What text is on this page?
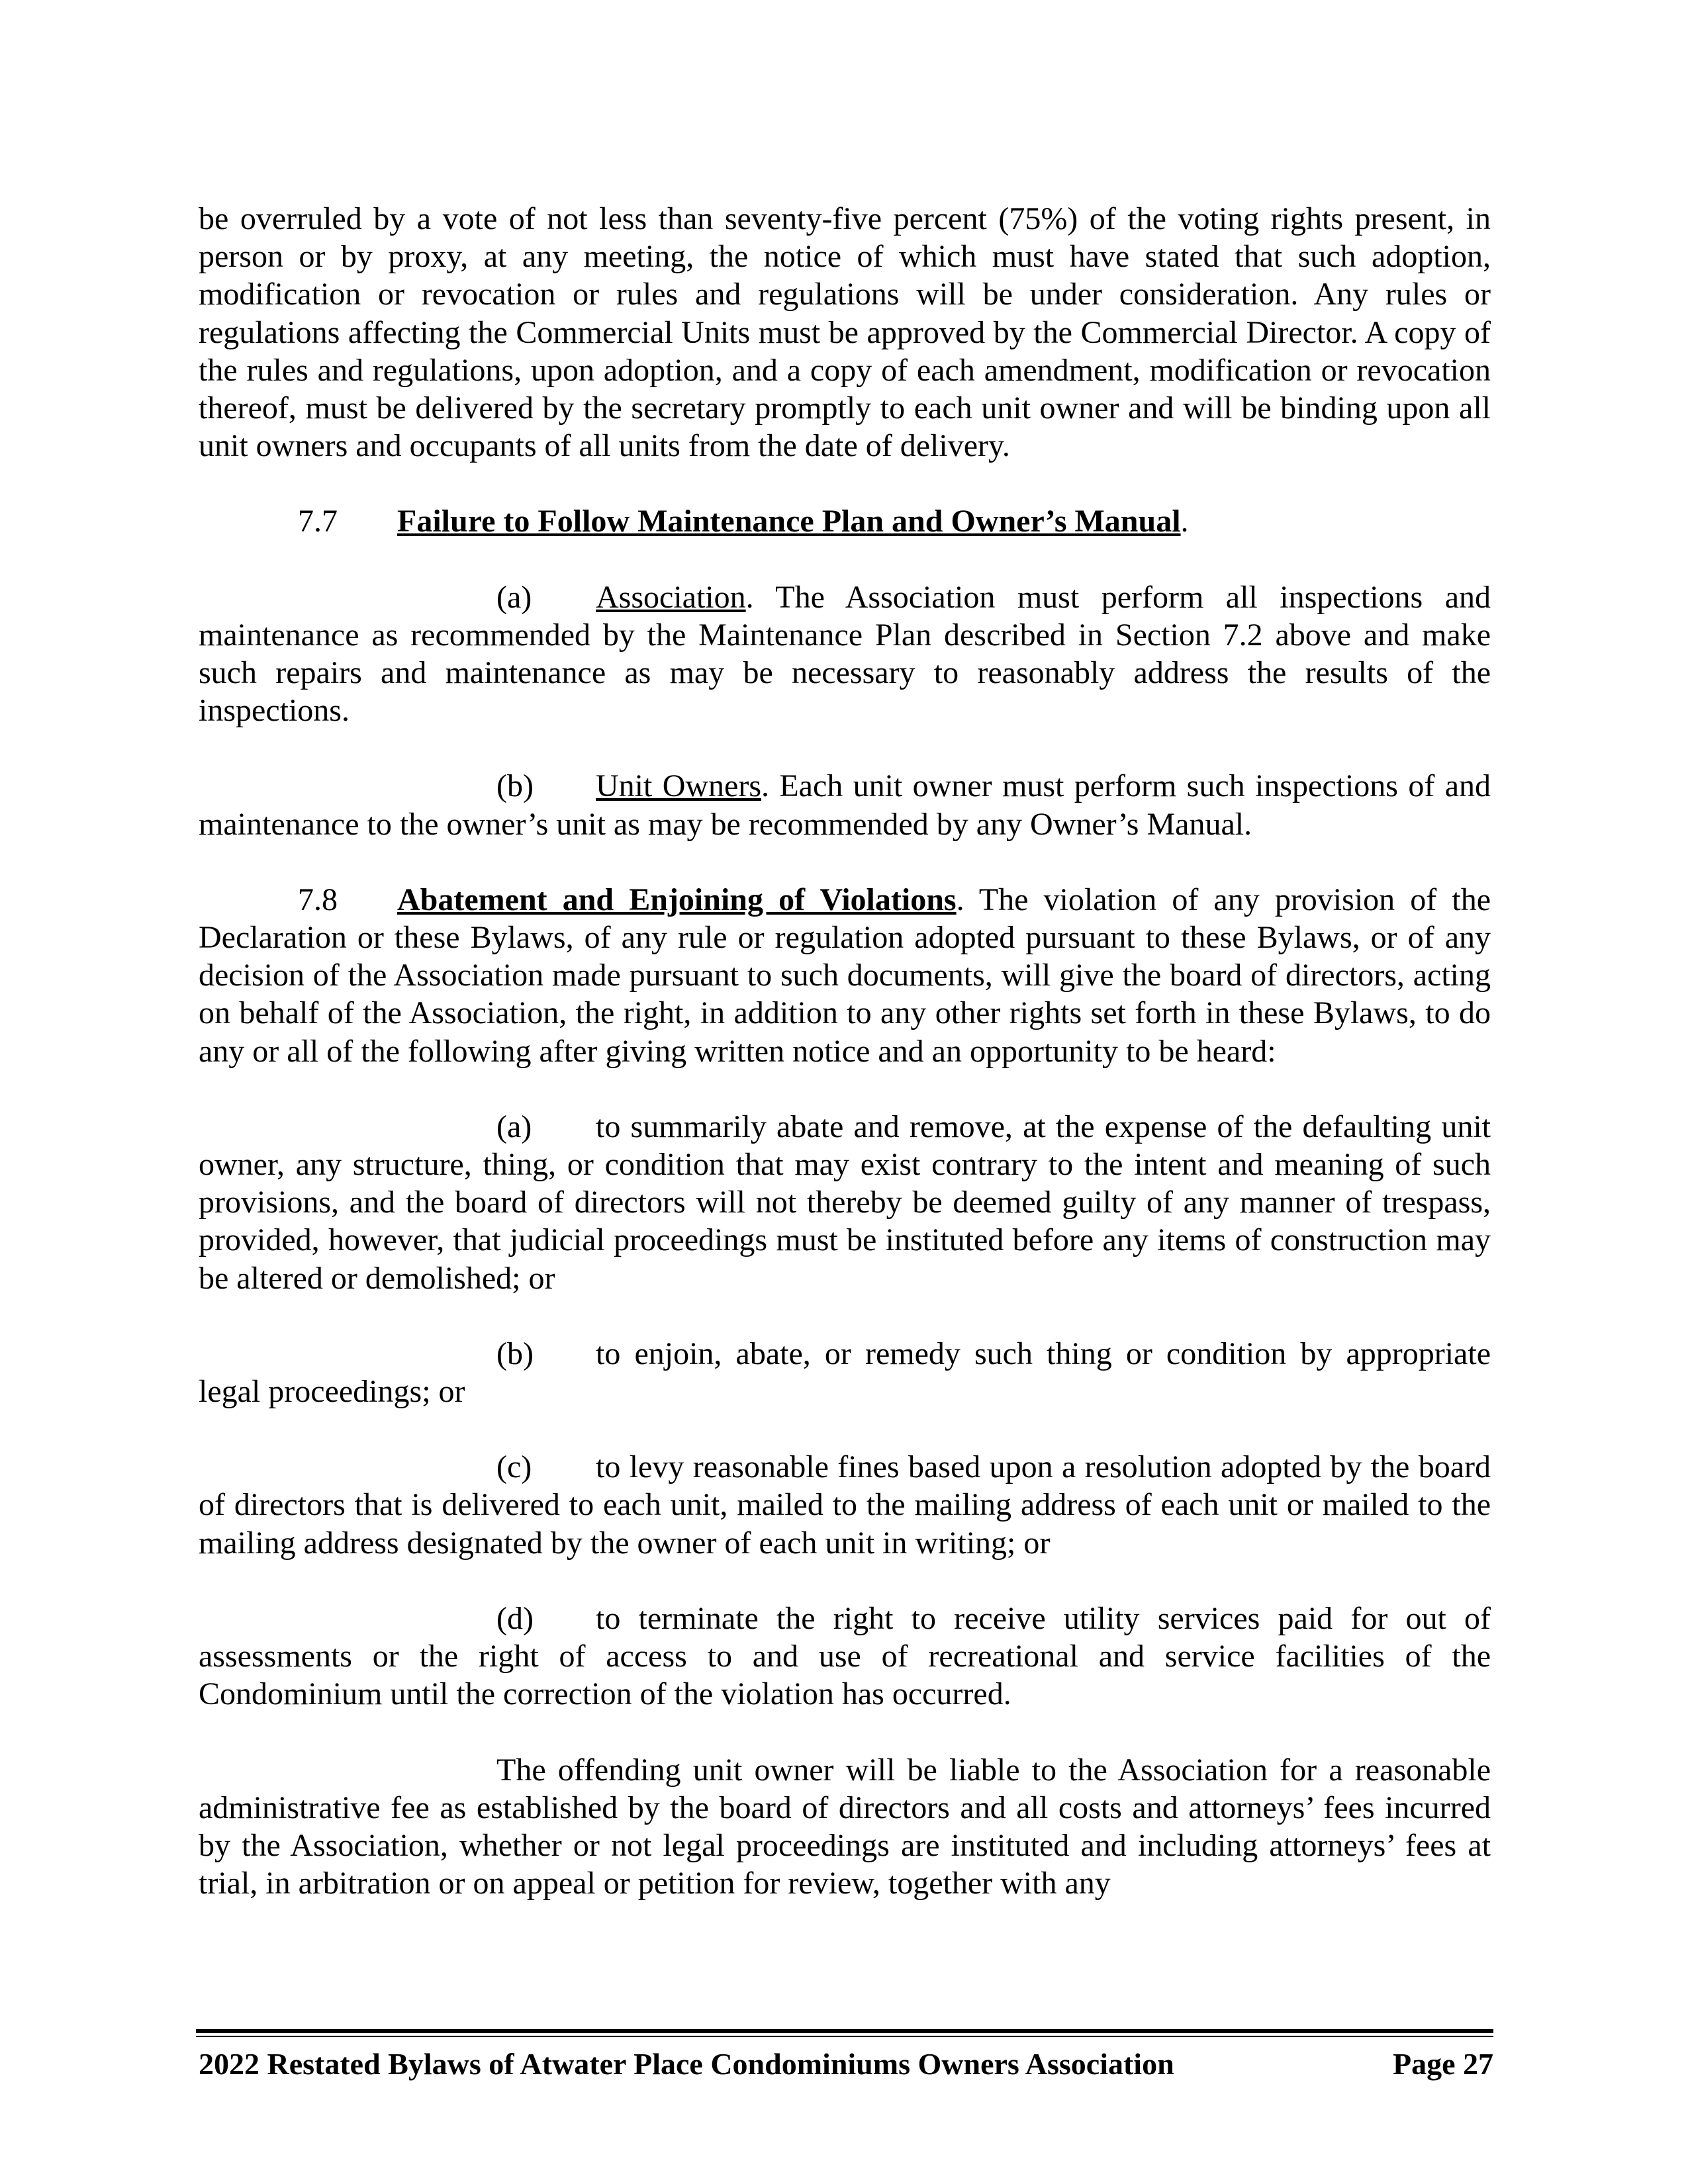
be overruled by a vote of not less than seventy-five percent (75%) of the voting rights present, in person or by proxy, at any meeting, the notice of which must have stated that such adoption, modification or revocation or rules and regulations will be under consideration. Any rules or regulations affecting the Commercial Units must be approved by the Commercial Director. A copy of the rules and regulations, upon adoption, and a copy of each amendment, modification or revocation thereof, must be delivered by the secretary promptly to each unit owner and will be binding upon all unit owners and occupants of all units from the date of delivery.

7.7 Failure to Follow Maintenance Plan and Owner’s Manual.

(a) Association. The Association must perform all inspections and maintenance as recommended by the Maintenance Plan described in Section 7.2 above and make such repairs and maintenance as may be necessary to reasonably address the results of the inspections.

(b) Unit Owners. Each unit owner must perform such inspections of and maintenance to the owner’s unit as may be recommended by any Owner’s Manual.

7.8 Abatement and Enjoining of Violations. The violation of any provision of the Declaration or these Bylaws, of any rule or regulation adopted pursuant to these Bylaws, or of any decision of the Association made pursuant to such documents, will give the board of directors, acting on behalf of the Association, the right, in addition to any other rights set forth in these Bylaws, to do any or all of the following after giving written notice and an opportunity to be heard:

(a) to summarily abate and remove, at the expense of the defaulting unit owner, any structure, thing, or condition that may exist contrary to the intent and meaning of such provisions, and the board of directors will not thereby be deemed guilty of any manner of trespass, provided, however, that judicial proceedings must be instituted before any items of construction may be altered or demolished; or

(b) to enjoin, abate, or remedy such thing or condition by appropriate legal proceedings; or

(c) to levy reasonable fines based upon a resolution adopted by the board of directors that is delivered to each unit, mailed to the mailing address of each unit or mailed to the mailing address designated by the owner of each unit in writing; or

(d) to terminate the right to receive utility services paid for out of assessments or the right of access to and use of recreational and service facilities of the Condominium until the correction of the violation has occurred.

The offending unit owner will be liable to the Association for a reasonable administrative fee as established by the board of directors and all costs and attorneys’ fees incurred by the Association, whether or not legal proceedings are instituted and including attorneys’ fees at trial, in arbitration or on appeal or petition for review, together with any

2022 Restated Bylaws of Atwater Place Condominiums Owners Association	Page 27
